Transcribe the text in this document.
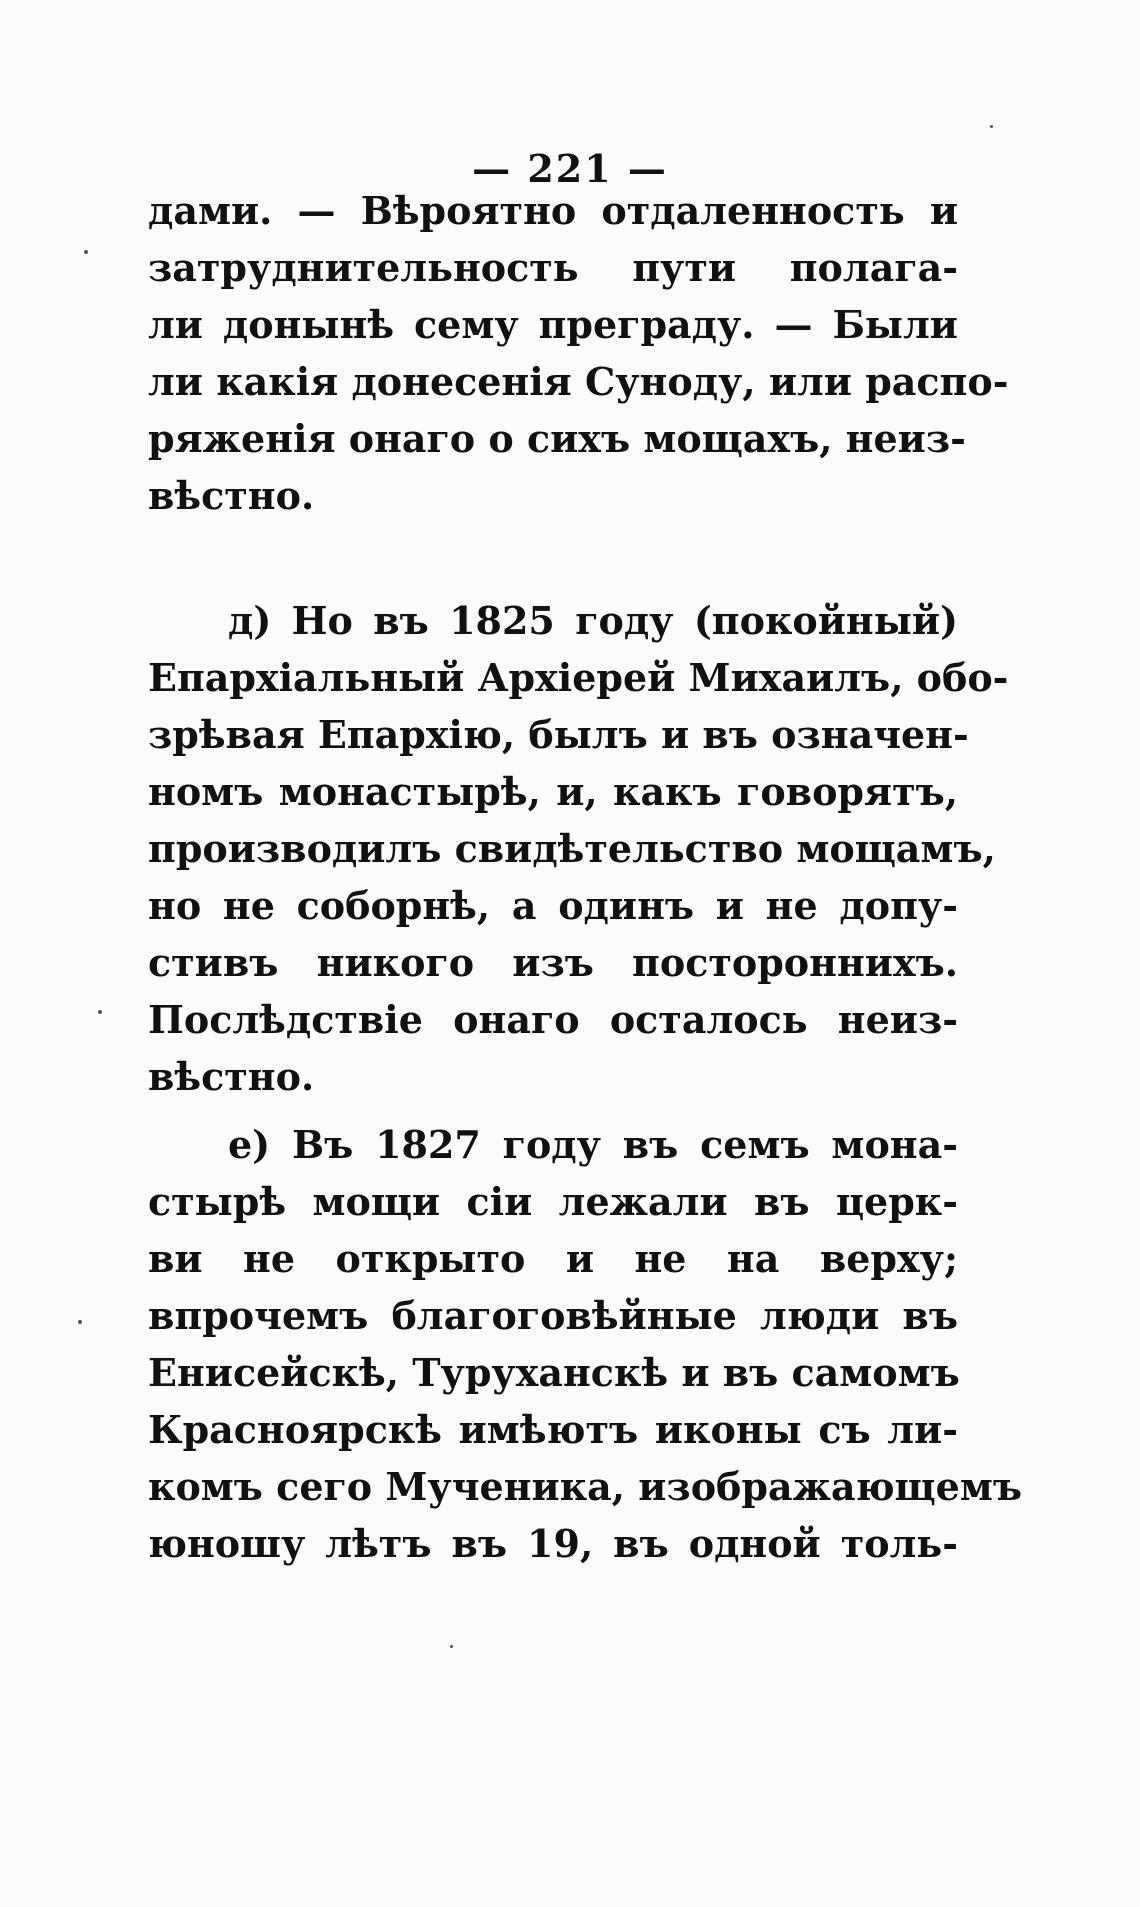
— 221 —
дами. — Вѣроятно отдаленность и
затруднительность пути полага-
ли донынѣ сему преграду. — Были
ли какія донесенія Суноду, или распо-
ряженія онаго о сихъ мощахъ, неиз-
вѣстно.
д) Но въ 1825 году (покойный)
Епархіальный Архіерей Михаилъ, обо-
зрѣвая Епархію, былъ и въ означен-
номъ монастырѣ, и, какъ говорятъ,
производилъ свидѣтельство мощамъ,
но не соборнѣ, а одинъ и не допу-
стивъ никого изъ постороннихъ.
Послѣдствіе онаго осталось неиз-
вѣстно.
е) Въ 1827 году въ семъ мона-
стырѣ мощи сіи лежали въ церк-
ви не открыто и не на верху;
впрочемъ благоговѣйные люди въ
Енисейскѣ, Туруханскѣ и въ самомъ
Красноярскѣ имѣютъ иконы съ ли-
комъ сего Мученика, изображающемъ
юношу лѣтъ въ 19, въ одной толь-
